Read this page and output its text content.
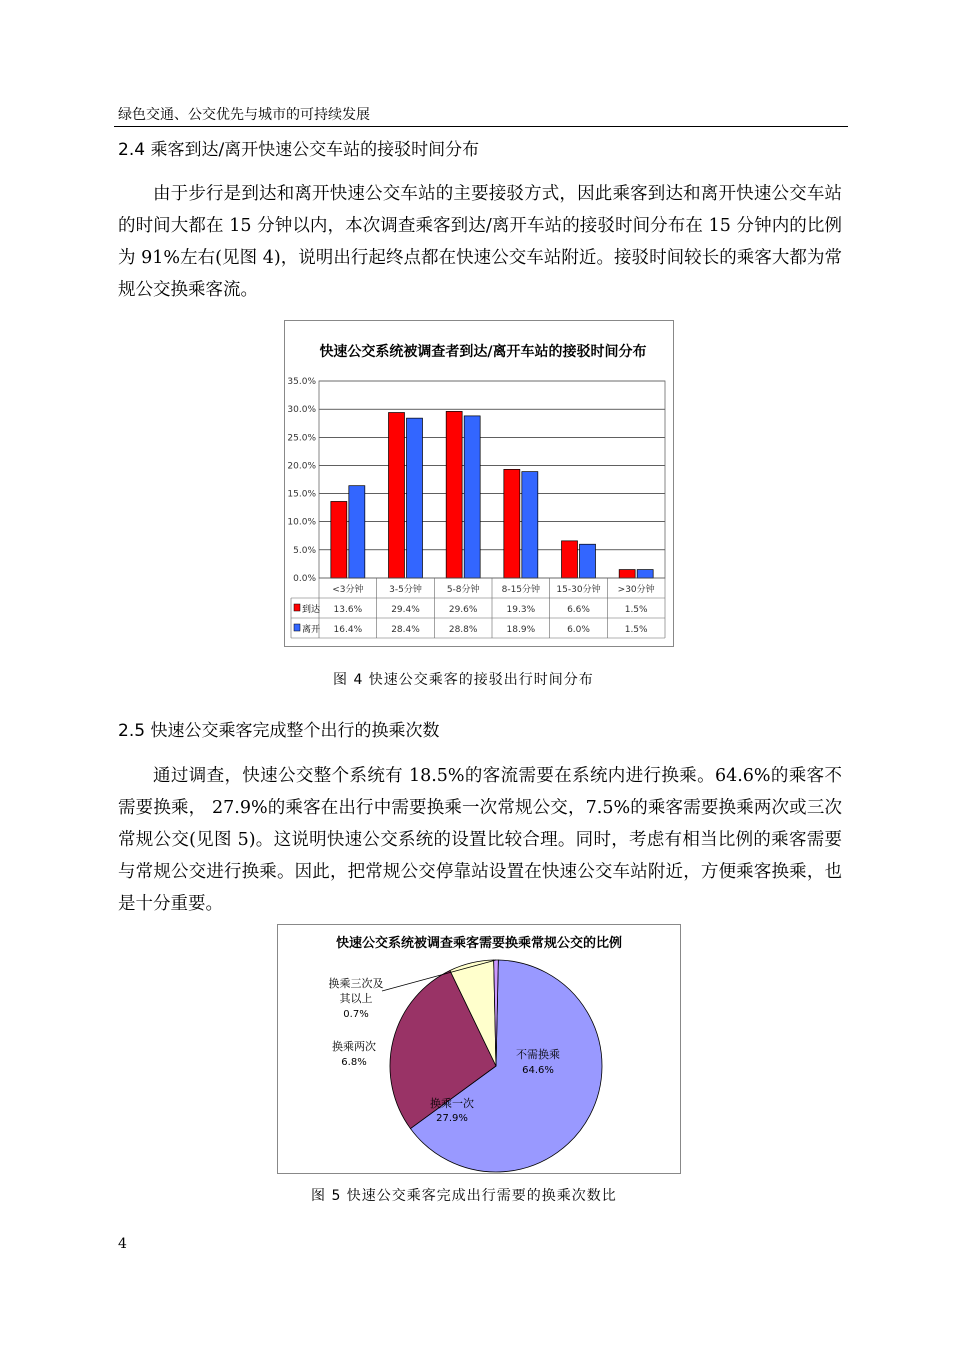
绿色交通、公交优先与城市的可持续发展
2.4 乘客到达/离开快速公交车站的接驳时间分布

由于步行是到达和离开快速公交车站的主要接驳方式，因此乘客到达和离开快速公交车站的时间大都在 15 分钟以内，本次调查乘客到达/离开车站的接驳时间分布在 15 分钟内的比例为 91%左右(见图 4)，说明出行起终点都在快速公交车站附近。接驳时间较长的乘客大都为常规公交换乘客流。

快速公交系统被调查者到达/离开车站的接驳时间分布
35.0%
30.0%
25.0%
20.0%
15.0%
10.0%
5.0%
0.0%
<3分钟	3-5分钟	5-8分钟 8-15分钟 15-30分钟 >30分钟
到达 13.6%	29.4%	29.6%	19.3%	6.6%	1.5%
离开 16.4%	28.4%	28.8%	18.9%	6.0%	1.5%
图 4 快速公交乘客的接驳出行时间分布
2.5 快速公交乘客完成整个出行的换乘次数

通过调查，快速公交整个系统有 18.5%的客流需要在系统内进行换乘。64.6%的乘客不需要换乘， 27.9%的乘客在出行中需要换乘一次常规公交，7.5%的乘客需要换乘两次或三次常规公交(见图 5)。这说明快速公交系统的设置比较合理。同时，考虑有相当比例的乘客需要与常规公交进行换乘。因此，把常规公交停靠站设置在快速公交车站附近，方便乘客换乘，也是十分重要。

快速公交系统被调查乘客需要换乘常规公交的比例
不需换乘
64.6%
换乘一次
27.9%
换乘两次
6.8%
换乘三次及
其以上
0.7%
图 5 快速公交乘客完成出行需要的换乘次数比
4
